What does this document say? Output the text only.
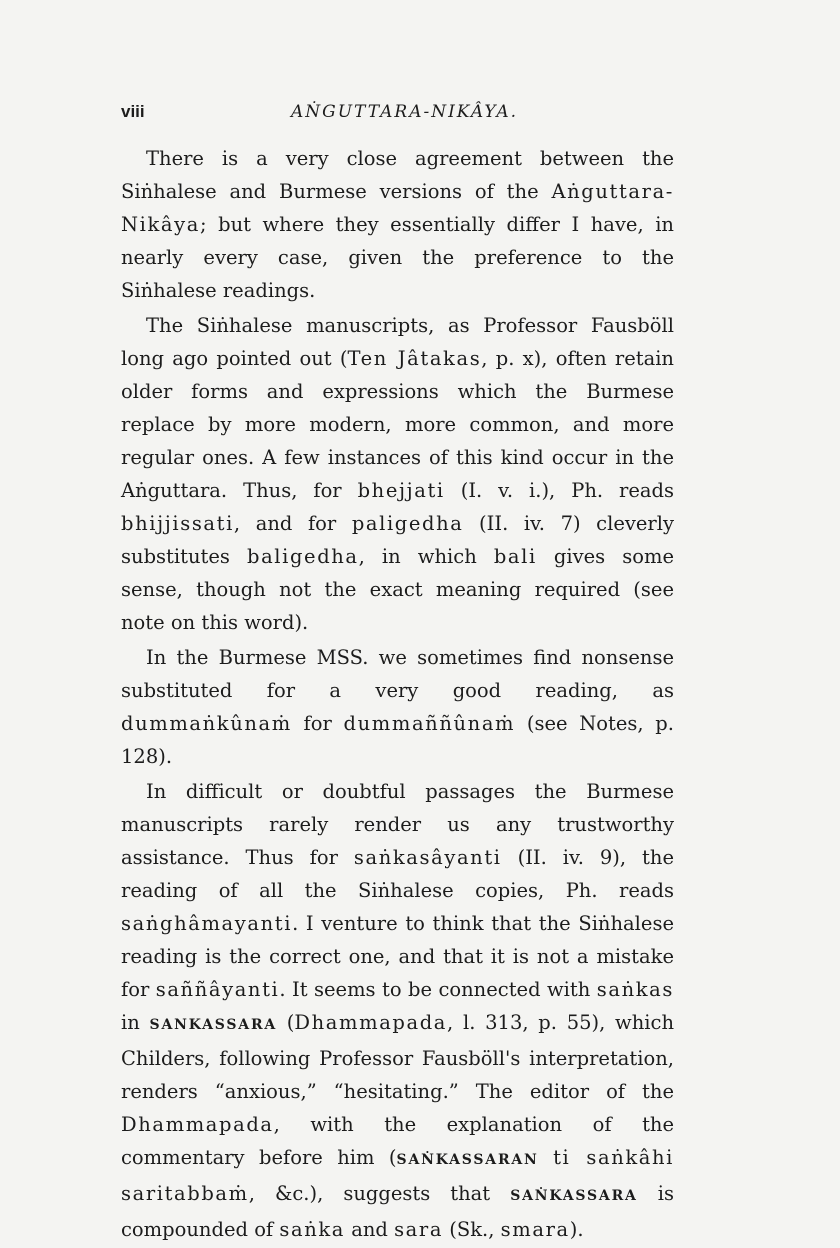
viii	AṄGUTTARA-NIKÂYA.

There is a very close agreement between the Siṅhalese and Burmese versions of the Aṅguttara-Nikâya; but where they essentially differ I have, in nearly every case, given the preference to the Siṅhalese readings.

The Siṅhalese manuscripts, as Professor Fausböll long ago pointed out (Ten Jâtakas, p. x), often retain older forms and expressions which the Burmese replace by more modern, more common, and more regular ones. A few instances of this kind occur in the Aṅguttara. Thus, for bhejjati (I. v. i.), Ph. reads bhijjissati, and for paligedha (II. iv. 7) cleverly substitutes baligedha, in which bali gives some sense, though not the exact meaning required (see note on this word).

In the Burmese MSS. we sometimes find nonsense substituted for a very good reading, as dummaṅkûnaṁ for dummaññûnaṁ (see Notes, p. 128).

In difficult or doubtful passages the Burmese manuscripts rarely render us any trustworthy assistance. Thus for saṅkasâyanti (II. iv. 9), the reading of all the Siṅhalese copies, Ph. reads saṅghâmayanti. I venture to think that the Siṅhalese reading is the correct one, and that it is not a mistake for saññâyanti. It seems to be connected with saṅkas in SANKASSARA (Dhammapada, l. 313, p. 55), which Childers, following Professor Fausböll's interpretation, renders “anxious,” “hesitating.” The editor of the Dhammapada, with the explanation of the commentary before him (SAṄKASSARAN ti saṅkâhi saritabbaṁ, &c.), suggests that SAṄKASSARA is compounded of saṅka and sara (Sk., smara).
